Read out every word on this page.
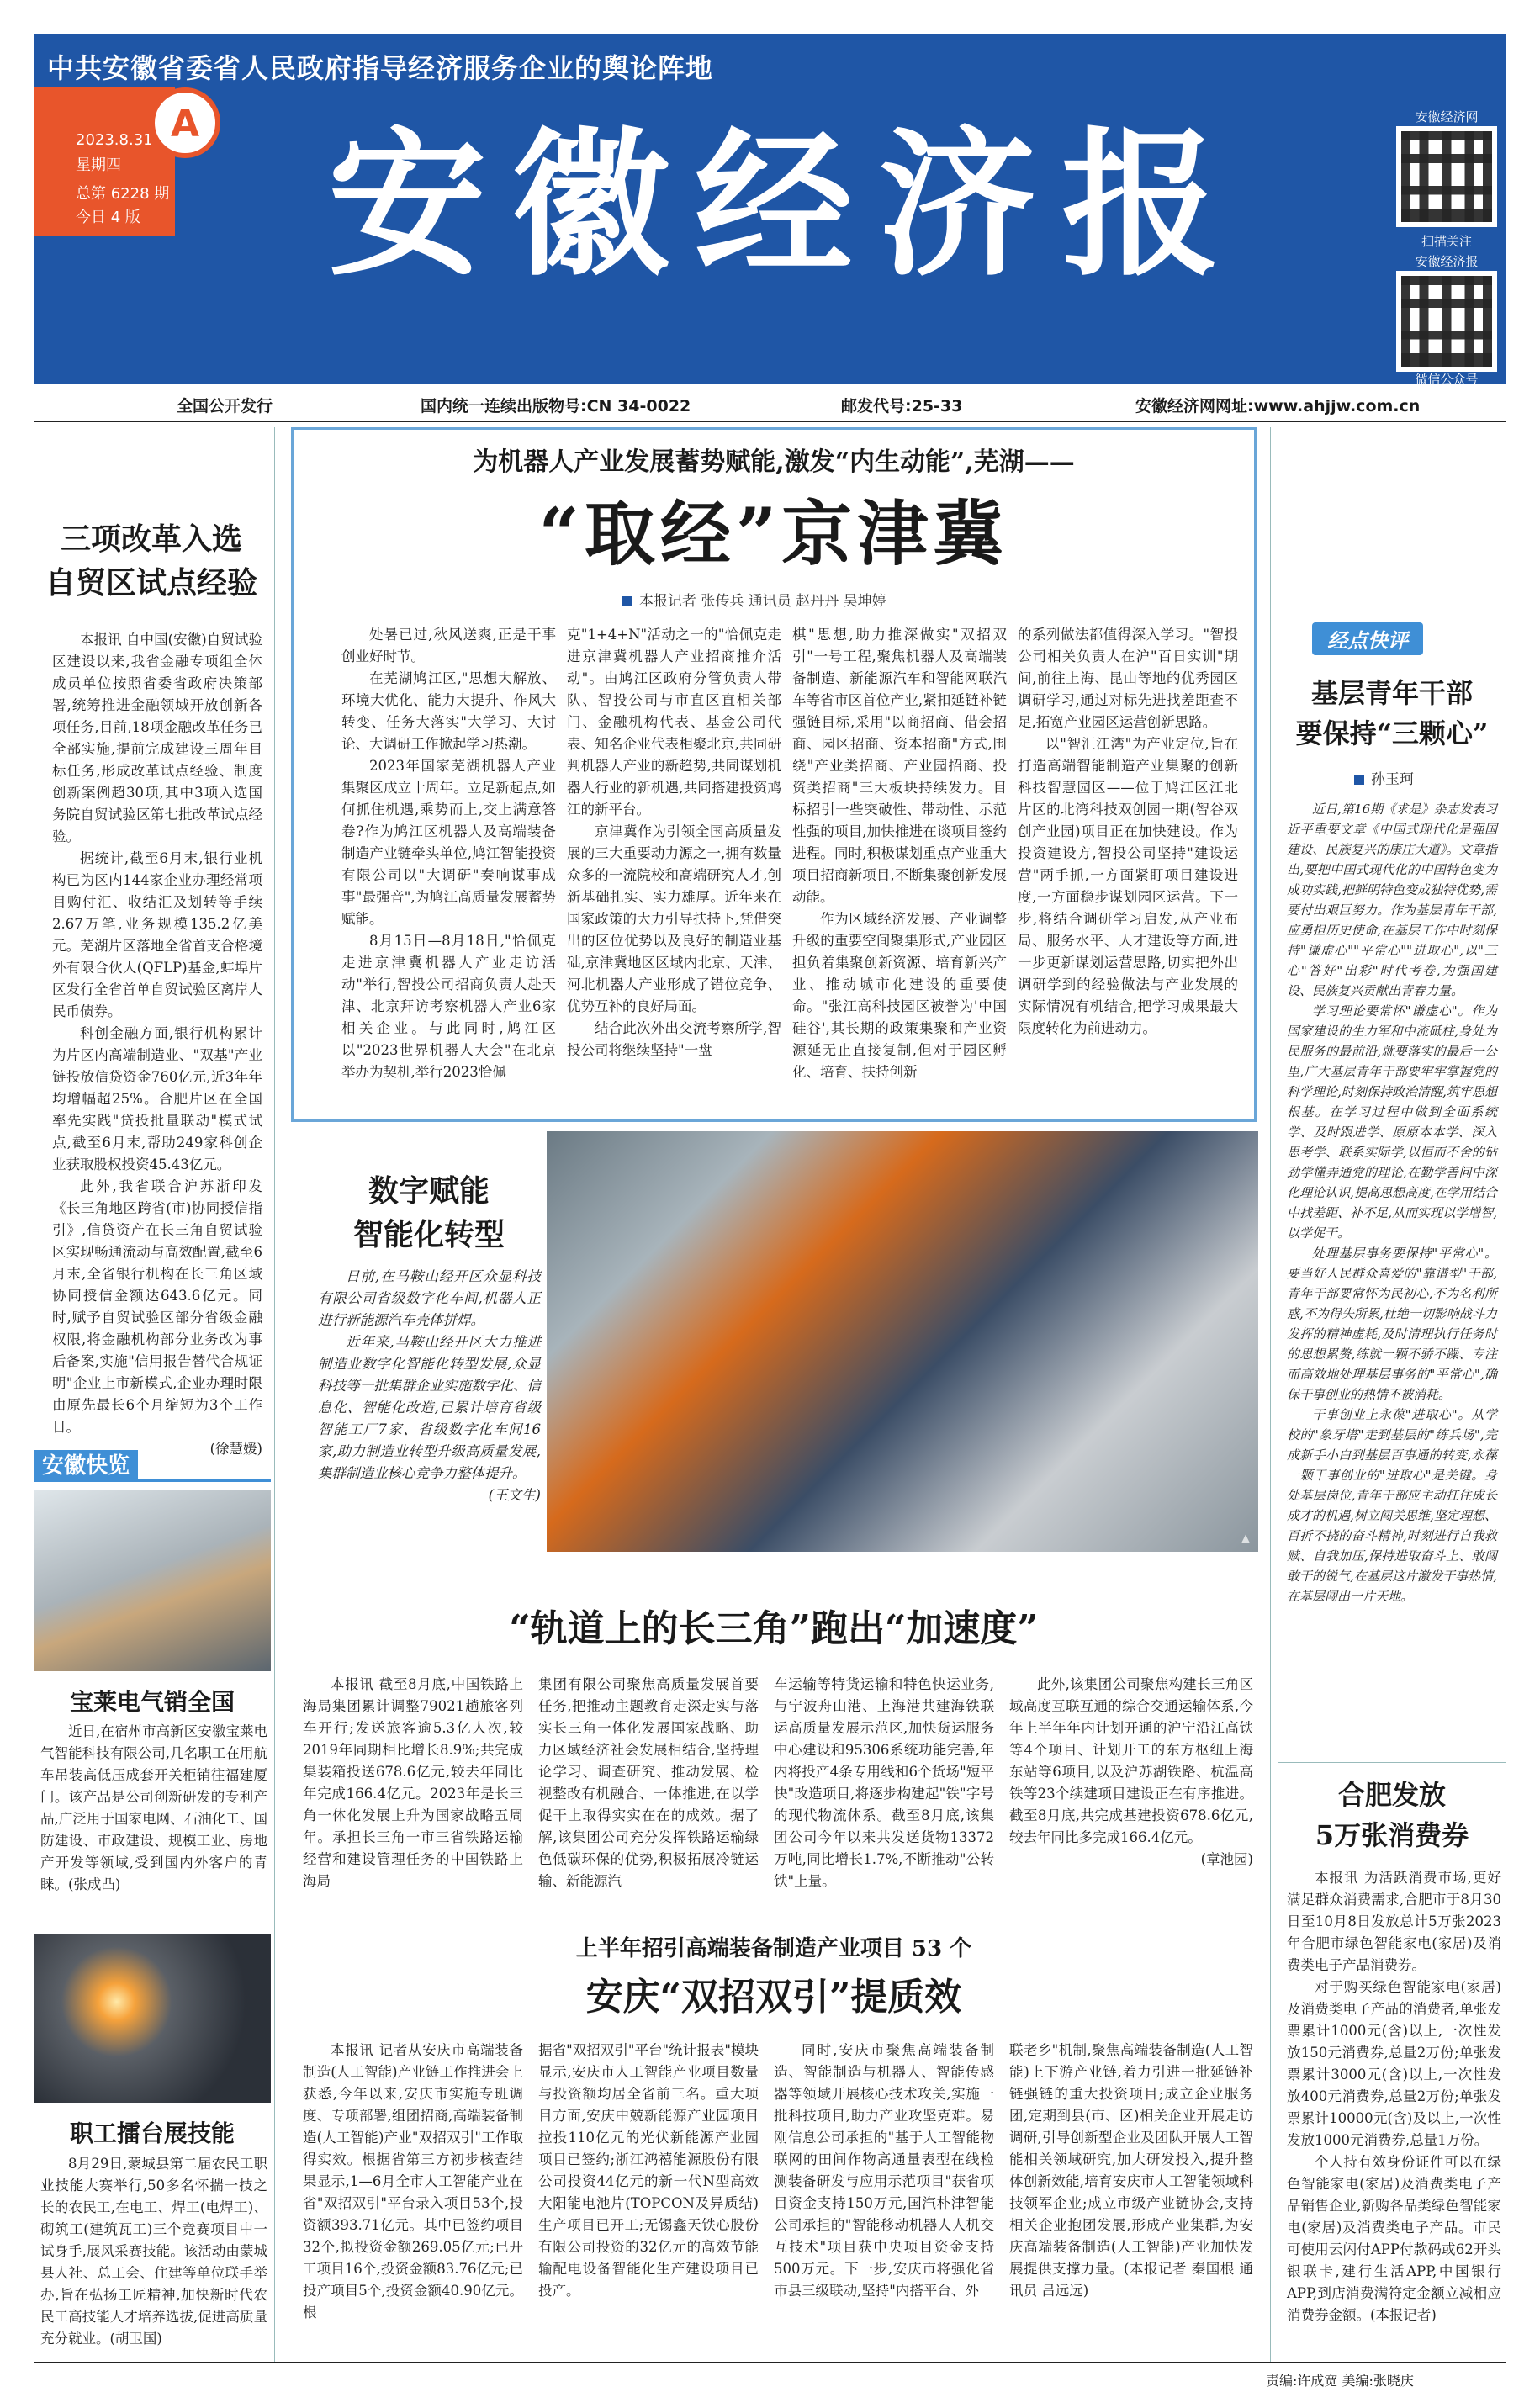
中共安徽省委省人民政府指导经济服务企业的舆论阵地
2023.8.31
星期四
总第 6228 期
今日 4 版
A 安徽经济报	安徽经济网
扫描关注
安徽经济报
微信公众号
全国公开发行	国内统一连续出版物号:CN 34-0022	邮发代号:25-33	安徽经济网网址:www.ahjjw.com.cn
三项改革入选
自贸区试点经验

本报讯 自中国(安徽)自贸试验区建设以来,我省金融专项组全体成员单位按照省委省政府决策部署,统筹推进金融领域开放创新各项任务,目前,18项金融改革任务已全部实施,提前完成建设三周年目标任务,形成改革试点经验、制度创新案例超30项,其中3项入选国务院自贸试验区第七批改革试点经验。

据统计,截至6月末,银行业机构已为区内144家企业办理经常项目购付汇、收结汇及划转等手续2.67万笔,业务规模135.2亿美元。芜湖片区落地全省首支合格境外有限合伙人(QFLP)基金,蚌埠片区发行全省首单自贸试验区离岸人民币债券。

科创金融方面,银行机构累计为片区内高端制造业、"双基"产业链投放信贷资金760亿元,近3年年均增幅超25%。合肥片区在全国率先实践"贷投批量联动"模式试点,截至6月末,帮助249家科创企业获取股权投资45.43亿元。

此外,我省联合沪苏浙印发《长三角地区跨省(市)协同授信指引》,信贷资产在长三角自贸试验区实现畅通流动与高效配置,截至6月末,全省银行机构在长三角区域协同授信金额达643.6亿元。同时,赋予自贸试验区部分省级金融权限,将金融机构部分业务改为事后备案,实施"信用报告替代合规证明"企业上市新模式,企业办理时限由原先最长6个月缩短为3个工作日。

(徐慧媛)

安徽快览
宝莱电气销全国

近日,在宿州市高新区安徽宝莱电气智能科技有限公司,几名职工在用航车吊装高低压成套开关柜销往福建厦门。该产品是公司创新研发的专利产品,广泛用于国家电网、石油化工、国防建设、市政建设、规模工业、房地产开发等领域,受到国内外客户的青睐。(张成凸)

职工擂台展技能

8月29日,蒙城县第二届农民工职业技能大赛举行,50多名怀揣一技之长的农民工,在电工、焊工(电焊工)、砌筑工(建筑瓦工)三个竞赛项目中一试身手,展风采赛技能。该活动由蒙城县人社、总工会、住建等单位联手举办,旨在弘扬工匠精神,加快新时代农民工高技能人才培养选拔,促进高质量充分就业。(胡卫国)

为机器人产业发展蓄势赋能,激发“内生动能”,芜湖——
“取经”京津冀
本报记者 张传兵 通讯员 赵丹丹 吴坤婷

处暑已过,秋风送爽,正是干事创业好时节。

在芜湖鸠江区,"思想大解放、环境大优化、能力大提升、作风大转变、任务大落实"大学习、大讨论、大调研工作掀起学习热潮。

2023年国家芜湖机器人产业集聚区成立十周年。立足新起点,如何抓住机遇,乘势而上,交上满意答卷?作为鸠江区机器人及高端装备制造产业链牵头单位,鸠江智能投资有限公司以"大调研"奏响谋事成事"最强音",为鸠江高质量发展蓄势赋能。

8月15日—8月18日,"恰佩克走进京津冀机器人产业走访活动"举行,智投公司招商负责人赴天津、北京拜访考察机器人产业6家相关企业。与此同时,鸠江区以"2023世界机器人大会"在北京举办为契机,举行2023恰佩

克"1+4+N"活动之一的"恰佩克走进京津冀机器人产业招商推介活动"。由鸠江区政府分管负责人带队、智投公司与市直区直相关部门、金融机构代表、基金公司代表、知名企业代表相聚北京,共同研判机器人产业的新趋势,共同谋划机器人行业的新机遇,共同搭建投资鸠江的新平台。

京津冀作为引领全国高质量发展的三大重要动力源之一,拥有数量众多的一流院校和高端研究人才,创新基础扎实、实力雄厚。近年来在国家政策的大力引导扶持下,凭借突出的区位优势以及良好的制造业基础,京津冀地区区域内北京、天津、河北机器人产业形成了错位竞争、优势互补的良好局面。

结合此次外出交流考察所学,智投公司将继续坚持"一盘

棋"思想,助力推深做实"双招双引"一号工程,聚焦机器人及高端装备制造、新能源汽车和智能网联汽车等省市区首位产业,紧扣延链补链强链目标,采用"以商招商、借会招商、园区招商、资本招商"方式,围绕"产业类招商、产业园招商、投资类招商"三大板块持续发力。目标招引一些突破性、带动性、示范性强的项目,加快推进在谈项目签约进程。同时,积极谋划重点产业重大项目招商新项目,不断集聚创新发展动能。

作为区域经济发展、产业调整升级的重要空间聚集形式,产业园区担负着集聚创新资源、培育新兴产业、推动城市化建设的重要使命。"张江高科技园区被誉为'中国硅谷',其长期的政策集聚和产业资源延无止直接复制,但对于园区孵化、培育、扶持创新

的系列做法都值得深入学习。"智投公司相关负责人在沪"百日实训"期间,前往上海、昆山等地的优秀园区调研学习,通过对标先进找差距查不足,拓宽产业园区运营创新思路。

以"智汇江湾"为产业定位,旨在打造高端智能制造产业集聚的创新科技智慧园区——位于鸠江区江北片区的北湾科技双创园一期(智谷双创产业园)项目正在加快建设。作为投资建设方,智投公司坚持"建设运营"两手抓,一方面紧盯项目建设进度,一方面稳步谋划园区运营。下一步,将结合调研学习启发,从产业布局、服务水平、人才建设等方面,进一步更新谋划运营思路,切实把外出调研学到的经验做法与产业发展的实际情况有机结合,把学习成果最大限度转化为前进动力。

数字赋能
智能化转型

日前,在马鞍山经开区众显科技有限公司省级数字化车间,机器人正进行新能源汽车壳体拼焊。

近年来,马鞍山经开区大力推进制造业数字化智能化转型发展,众显科技等一批集群企业实施数字化、信息化、智能化改造,已累计培育省级智能工厂7家、省级数字化车间16家,助力制造业转型升级高质量发展,集群制造业核心竞争力整体提升。

(王文生)

▲
“轨道上的长三角”跑出“加速度”

本报讯 截至8月底,中国铁路上海局集团累计调整79021趟旅客列车开行;发送旅客逾5.3亿人次,较2019年同期相比增长8.9%;共完成集装箱投送678.6亿元,较去年同比年完成166.4亿元。2023年是长三角一体化发展上升为国家战略五周年。承担长三角一市三省铁路运输经营和建设管理任务的中国铁路上海局

集团有限公司聚焦高质量发展首要任务,把推动主题教育走深走实与落实长三角一体化发展国家战略、助力区域经济社会发展相结合,坚持理论学习、调查研究、推动发展、检视整改有机融合、一体推进,在以学促干上取得实实在在的成效。据了解,该集团公司充分发挥铁路运输绿色低碳环保的优势,积极拓展冷链运输、新能源汽

车运输等特货运输和特色快运业务,与宁波舟山港、上海港共建海铁联运高质量发展示范区,加快货运服务中心建设和95306系统功能完善,年内将投产4条专用线和6个货场"短平快"改造项目,将逐步构建起"铁"字号的现代物流体系。截至8月底,该集团公司今年以来共发送货物13372万吨,同比增长1.7%,不断推动"公转铁"上量。

此外,该集团公司聚焦构建长三角区域高度互联互通的综合交通运输体系,今年上半年年内计划开通的沪宁沿江高铁等4个项目、计划开工的东方枢纽上海东站等6项目,以及沪苏湖铁路、杭温高铁等23个续建项目建设正在有序推进。截至8月底,共完成基建投资678.6亿元,较去年同比多完成166.4亿元。

(章池园)

上半年招引高端装备制造产业项目 53 个
安庆“双招双引”提质效

本报讯 记者从安庆市高端装备制造(人工智能)产业链工作推进会上获悉,今年以来,安庆市实施专班调度、专项部署,组团招商,高端装备制造(人工智能)产业"双招双引"工作取得实效。根据省第三方初步核查结果显示,1—6月全市人工智能产业在省"双招双引"平台录入项目53个,投资额393.71亿元。其中已签约项目32个,拟投资金额269.05亿元;已开工项目16个,投资金额83.76亿元;已投产项目5个,投资金额40.90亿元。根

据省"双招双引"平台"统计报表"模块显示,安庆市人工智能产业项目数量与投资额均居全省前三名。重大项目方面,安庆中兢新能源产业园项目拉投110亿元的光伏新能源产业园项目已签约;浙江鸿禧能源股份有限公司投资44亿元的新一代N型高效大阳能电池片(TOPCON及异质结)生产项目已开工;无锡鑫天铁心股份有限公司投资的32亿元的高效节能输配电设备智能化生产建设项目已投产。

同时,安庆市聚焦高端装备制造、智能制造与机器人、智能传感器等领域开展核心技术攻关,实施一批科技项目,助力产业攻坚克难。易刚信息公司承担的"基于人工智能物联网的田间作物高通量表型在线检测装备研发与应用示范项目"获省项目资金支持150万元,国汽朴津智能公司承担的"智能移动机器人人机交互技术"项目获中央项目资金支持500万元。下一步,安庆市将强化省市县三级联动,坚持"内搭平台、外

联老乡"机制,聚焦高端装备制造(人工智能)上下游产业链,着力引进一批延链补链强链的重大投资项目;成立企业服务团,定期到县(市、区)相关企业开展走访调研,引导创新型企业及团队开展人工智能相关领域研究,加大研发投入,提升整体创新效能,培育安庆市人工智能领域科技领军企业;成立市级产业链协会,支持相关企业抱团发展,形成产业集群,为安庆高端装备制造(人工智能)产业加快发展提供支撑力量。(本报记者 秦国根 通讯员 吕远远)

经点快评
基层青年干部
要保持“三颗心”
孙玉珂

近日,第16期《求是》杂志发表习近平重要文章《中国式现代化是强国建设、民族复兴的康庄大道》。文章指出,要把中国式现代化的中国特色变为成功实践,把鲜明特色变成独特优势,需要付出艰巨努力。作为基层青年干部,应勇担历史使命,在基层工作中时刻保持"谦虚心""平常心""进取心",以"三心"答好"出彩"时代考卷,为强国建设、民族复兴贡献出青春力量。

学习理论要常怀"谦虚心"。作为国家建设的生力军和中流砥柱,身处为民服务的最前沿,就要落实的最后一公里,广大基层青年干部要牢牢掌握党的科学理论,时刻保持政治清醒,筑牢思想根基。在学习过程中做到全面系统学、及时跟进学、原原本本学、深入思考学、联系实际学,以恒而不舍的钻劲学懂弄通党的理论,在勤学善问中深化理论认识,提高思想高度,在学用结合中找差距、补不足,从而实现以学增智,以学促干。

处理基层事务要保持"平常心"。要当好人民群众喜爱的"靠谱型"干部,青年干部要常怀为民初心,不为名利所惑,不为得失所累,杜绝一切影响战斗力发挥的精神虚耗,及时清理执行任务时的思想累赘,练就一颗不骄不躁、专注而高效地处理基层事务的"平常心",确保干事创业的热情不被消耗。

干事创业上永葆"进取心"。从学校的"象牙塔"走到基层的"练兵场",完成新手小白到基层百事通的转变,永葆一颗干事创业的"进取心"是关键。身处基层岗位,青年干部应主动扛住成长成才的机遇,树立闯关思维,坚定理想、百折不挠的奋斗精神,时刻进行自我救赎、自我加压,保持进取奋斗上、敢闯敢干的锐气,在基层这片激发干事热情,在基层闯出一片天地。

合肥发放
5万张消费券

本报讯 为活跃消费市场,更好满足群众消费需求,合肥市于8月30日至10月8日发放总计5万张2023年合肥市绿色智能家电(家居)及消费类电子产品消费券。

对于购买绿色智能家电(家居)及消费类电子产品的消费者,单张发票累计1000元(含)以上,一次性发放150元消费券,总量2万份;单张发票累计3000元(含)以上,一次性发放400元消费券,总量2万份;单张发票累计10000元(含)及以上,一次性发放1000元消费券,总量1万份。

个人持有效身份证件可以在绿色智能家电(家居)及消费类电子产品销售企业,新购各品类绿色智能家电(家居)及消费类电子产品。市民可使用云闪付APP付款码或62开头银联卡,建行生活APP,中国银行APP,到店消费满符定金额立减相应消费券金额。(本报记者)

责编:许成宽 美编:张晓庆
